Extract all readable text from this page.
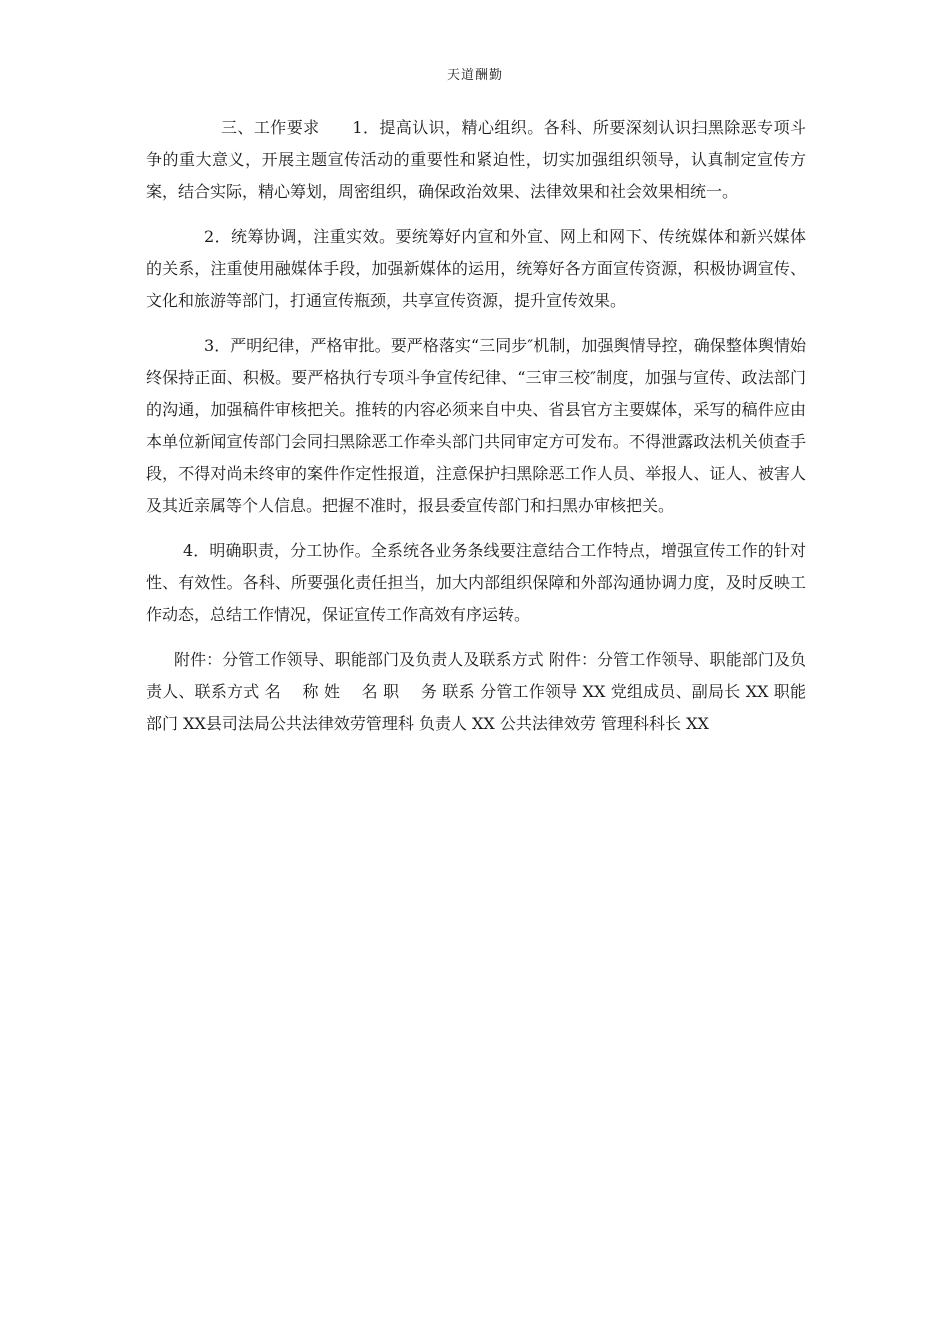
天道酬勤

三、工作要求　　1．提高认识，精心组织。各科、所要深刻认识扫黑除恶专项斗争的重大意义，开展主题宣传活动的重要性和紧迫性，切实加强组织领导，认真制定宣传方案，结合实际，精心筹划，周密组织，确保政治效果、法律效果和社会效果相统一。

2．统筹协调，注重实效。要统筹好内宣和外宣、网上和网下、传统媒体和新兴媒体的关系，注重使用融媒体手段，加强新媒体的运用，统筹好各方面宣传资源，积极协调宣传、文化和旅游等部门，打通宣传瓶颈，共享宣传资源，提升宣传效果。

3．严明纪律，严格审批。要严格落实“三同步″机制，加强舆情导控，确保整体舆情始终保持正面、积极。要严格执行专项斗争宣传纪律、“三审三校″制度，加强与宣传、政法部门的沟通，加强稿件审核把关。推转的内容必须来自中央、省县官方主要媒体，采写的稿件应由本单位新闻宣传部门会同扫黑除恶工作牵头部门共同审定方可发布。不得泄露政法机关侦查手段，不得对尚未终审的案件作定性报道，注意保护扫黑除恶工作人员、举报人、证人、被害人及其近亲属等个人信息。把握不准时，报县委宣传部门和扫黑办审核把关。

4．明确职责，分工协作。全系统各业务条线要注意结合工作特点，增强宣传工作的针对性、有效性。各科、所要强化责任担当，加大内部组织保障和外部沟通协调力度，及时反映工作动态，总结工作情况，保证宣传工作高效有序运转。

附件：分管工作领导、职能部门及负责人及联系方式 附件：分管工作领导、职能部门及负责人、联系方式 名　 称 姓　 名 职　 务 联系 分管工作领导 XX 党组成员、副局长 XX 职能部门 XX县司法局公共法律效劳管理科 负责人 XX 公共法律效劳 管理科科长 XX
